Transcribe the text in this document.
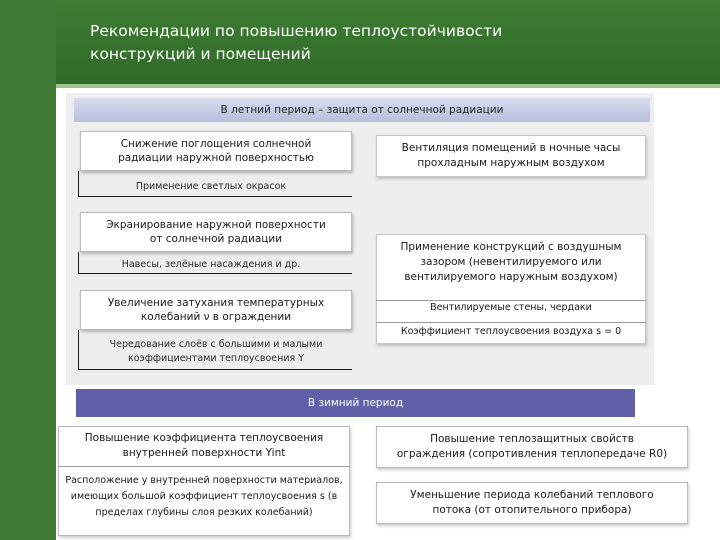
Рекомендации по повышению теплоустойчивости
конструкций и помещений
В летний период – защита от солнечной радиации
Снижение поглощения солнечной
радиации наружной поверхностью
Применение светлых окрасок
Экранирование наружной поверхности
от солнечной радиации
Навесы, зелёные насаждения и др.
Увеличение затухания температурных
колебаний ν в ограждении
Чередование слоёв с большими и малыми
коэффициентами теплоусвоения Y
Вентиляция помещений в ночные часы
прохладным наружным воздухом
Применение конструкций с воздушным
зазором (невентилируемого или
вентилируемого наружным воздухом)
Вентилируемые стены, чердаки
Коэффициент теплоусвоения воздуха s = 0
В зимний период
Повышение коэффициента теплоусвоения
внутренней поверхности Yint
Расположение у внутренней поверхности материалов,
имеющих большой коэффициент теплоусвоения s (в
пределах глубины слоя резких колебаний)
Повышение теплозащитных свойств
ограждения (сопротивления теплопередаче R0)
Уменьшение периода колебаний теплового
потока (от отопительного прибора)
